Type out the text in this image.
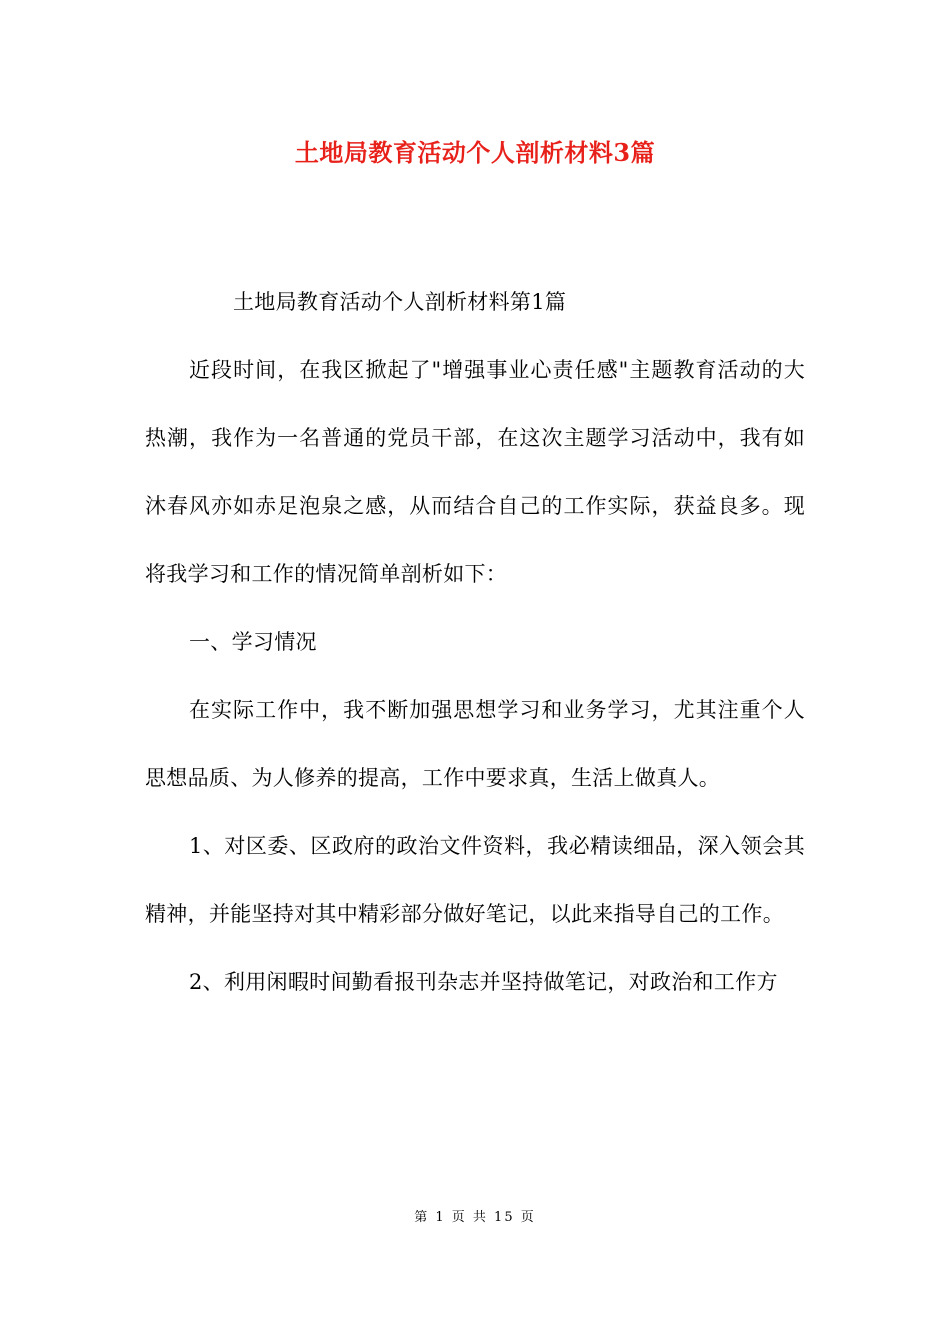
土地局教育活动个人剖析材料3篇

土地局教育活动个人剖析材料第1篇

近段时间，在我区掀起了"增强事业心责任感"主题教育活动的大热潮，我作为一名普通的党员干部，在这次主题学习活动中，我有如沐春风亦如赤足泡泉之感，从而结合自己的工作实际，获益良多。现将我学习和工作的情况简单剖析如下：

一、学习情况

在实际工作中，我不断加强思想学习和业务学习，尤其注重个人思想品质、为人修养的提高，工作中要求真，生活上做真人。

1、对区委、区政府的政治文件资料，我必精读细品，深入领会其精神，并能坚持对其中精彩部分做好笔记，以此来指导自己的工作。

2、利用闲暇时间勤看报刊杂志并坚持做笔记，对政治和工作方

第 1 页 共 15 页
